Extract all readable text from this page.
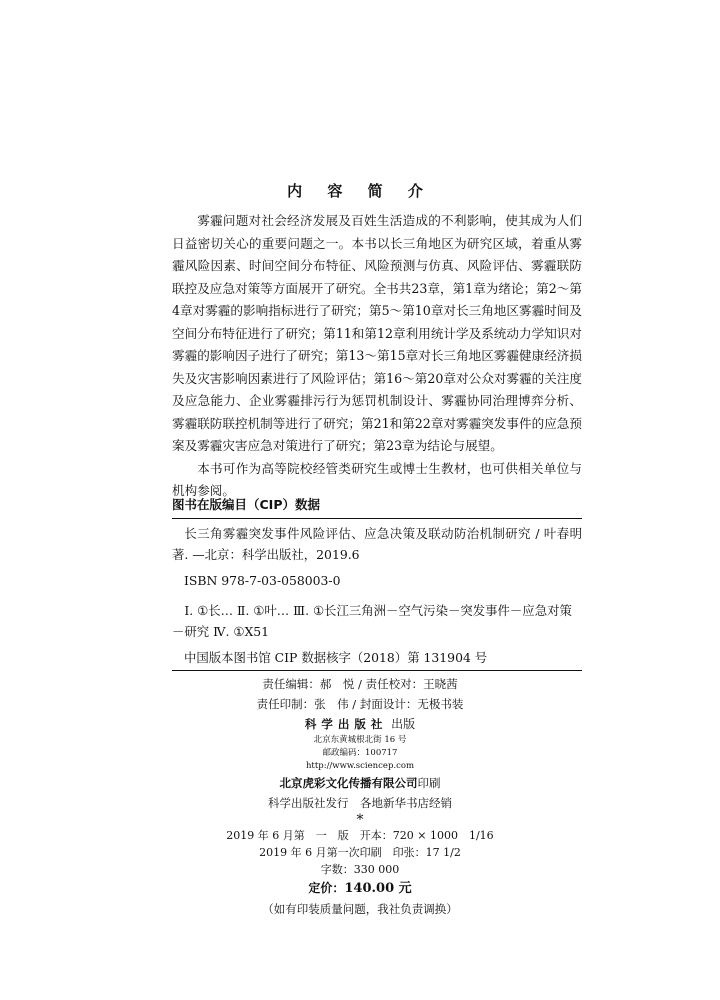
内 容 简 介

雾霾问题对社会经济发展及百姓生活造成的不利影响，使其成为人们日益密切关心的重要问题之一。本书以长三角地区为研究区域，着重从雾霾风险因素、时间空间分布特征、风险预测与仿真、风险评估、雾霾联防联控及应急对策等方面展开了研究。全书共23章，第1章为绪论；第2～第4章对雾霾的影响指标进行了研究；第5～第10章对长三角地区雾霾时间及空间分布特征进行了研究；第11和第12章利用统计学及系统动力学知识对雾霾的影响因子进行了研究；第13～第15章对长三角地区雾霾健康经济损失及灾害影响因素进行了风险评估；第16～第20章对公众对雾霾的关注度及应急能力、企业雾霾排污行为惩罚机制设计、雾霾协同治理博弈分析、雾霾联防联控机制等进行了研究；第21和第22章对雾霾突发事件的应急预案及雾霾灾害应急对策进行了研究；第23章为结论与展望。

本书可作为高等院校经管类研究生或博士生教材，也可供相关单位与机构参阅。

图书在版编目（CIP）数据
长三角雾霾突发事件风险评估、应急决策及联动防治机制研究 / 叶春明著. —北京：科学出版社，2019.6
ISBN 978-7-03-058003-0
Ⅰ. ①长… Ⅱ. ①叶… Ⅲ. ①长江三角洲－空气污染－突发事件－应急对策－研究 Ⅳ. ①X51
中国版本图书馆 CIP 数据核字（2018）第 131904 号
责任编辑：郝　悦 / 责任校对：王晓茜
责任印制：张　伟 / 封面设计：无极书装
科学出版社 出版
北京东黄城根北街 16 号
邮政编码：100717
http://www.sciencep.com
北京虎彩文化传播有限公司印刷
科学出版社发行　各地新华书店经销
*
2019 年 6 月第　一　版　开本：720 × 1000　1/16
2019 年 6 月第一次印刷　印张：17 1/2
字数：330 000
定价：140.00 元
（如有印装质量问题，我社负责调换）
